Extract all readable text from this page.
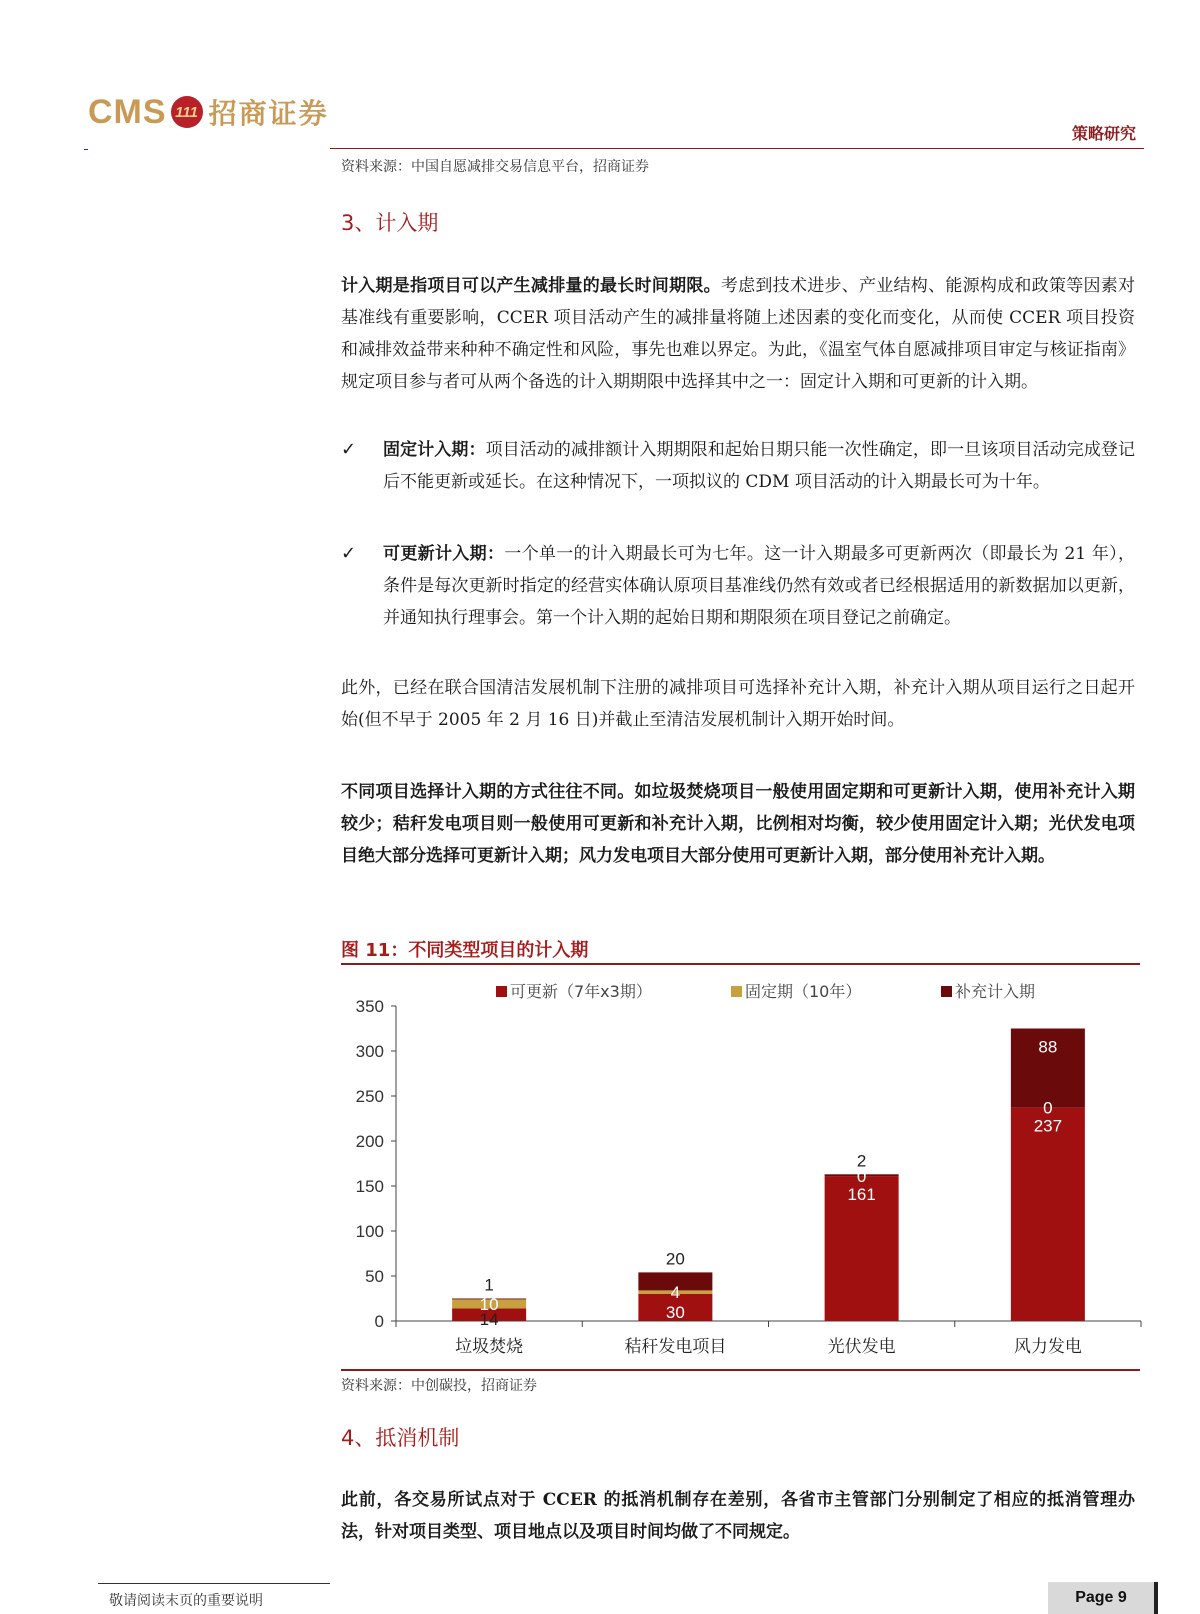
CMS 111 招商证券
策略研究
资料来源：中国自愿减排交易信息平台，招商证券
3、计入期

计入期是指项目可以产生减排量的最长时间期限。考虑到技术进步、产业结构、能源构成和政策等因素对基准线有重要影响，CCER 项目活动产生的减排量将随上述因素的变化而变化，从而使 CCER 项目投资和减排效益带来种种不确定性和风险，事先也难以界定。为此，《温室气体自愿减排项目审定与核证指南》规定项目参与者可从两个备选的计入期期限中选择其中之一：固定计入期和可更新的计入期。

✓ 固定计入期：项目活动的减排额计入期期限和起始日期只能一次性确定，即一旦该项目活动完成登记后不能更新或延长。在这种情况下，一项拟议的 CDM 项目活动的计入期最长可为十年。

✓ 可更新计入期：一个单一的计入期最长可为七年。这一计入期最多可更新两次（即最长为 21 年），条件是每次更新时指定的经营实体确认原项目基准线仍然有效或者已经根据适用的新数据加以更新，并通知执行理事会。第一个计入期的起始日期和期限须在项目登记之前确定。

此外，已经在联合国清洁发展机制下注册的减排项目可选择补充计入期，补充计入期从项目运行之日起开始(但不早于 2005 年 2 月 16 日)并截止至清洁发展机制计入期开始时间。

不同项目选择计入期的方式往往不同。如垃圾焚烧项目一般使用固定期和可更新计入期，使用补充计入期较少；秸秆发电项目则一般使用可更新和补充计入期，比例相对均衡，较少使用固定计入期；光伏发电项目绝大部分选择可更新计入期；风力发电项目大部分使用可更新计入期，部分使用补充计入期。

图 11：不同类型项目的计入期
0
50
100
150
200
250
300
350
14
10
1
垃圾焚烧
30
4
20
秸秆发电项目
161
0
2
光伏发电
237
0
88
风力发电
可更新（7年x3期）	固定期（10年）	补充计入期
资料来源：中创碳投，招商证券
4、抵消机制

此前，各交易所试点对于 CCER 的抵消机制存在差别，各省市主管部门分别制定了相应的抵消管理办法，针对项目类型、项目地点以及项目时间均做了不同规定。

敬请阅读末页的重要说明	Page 9
